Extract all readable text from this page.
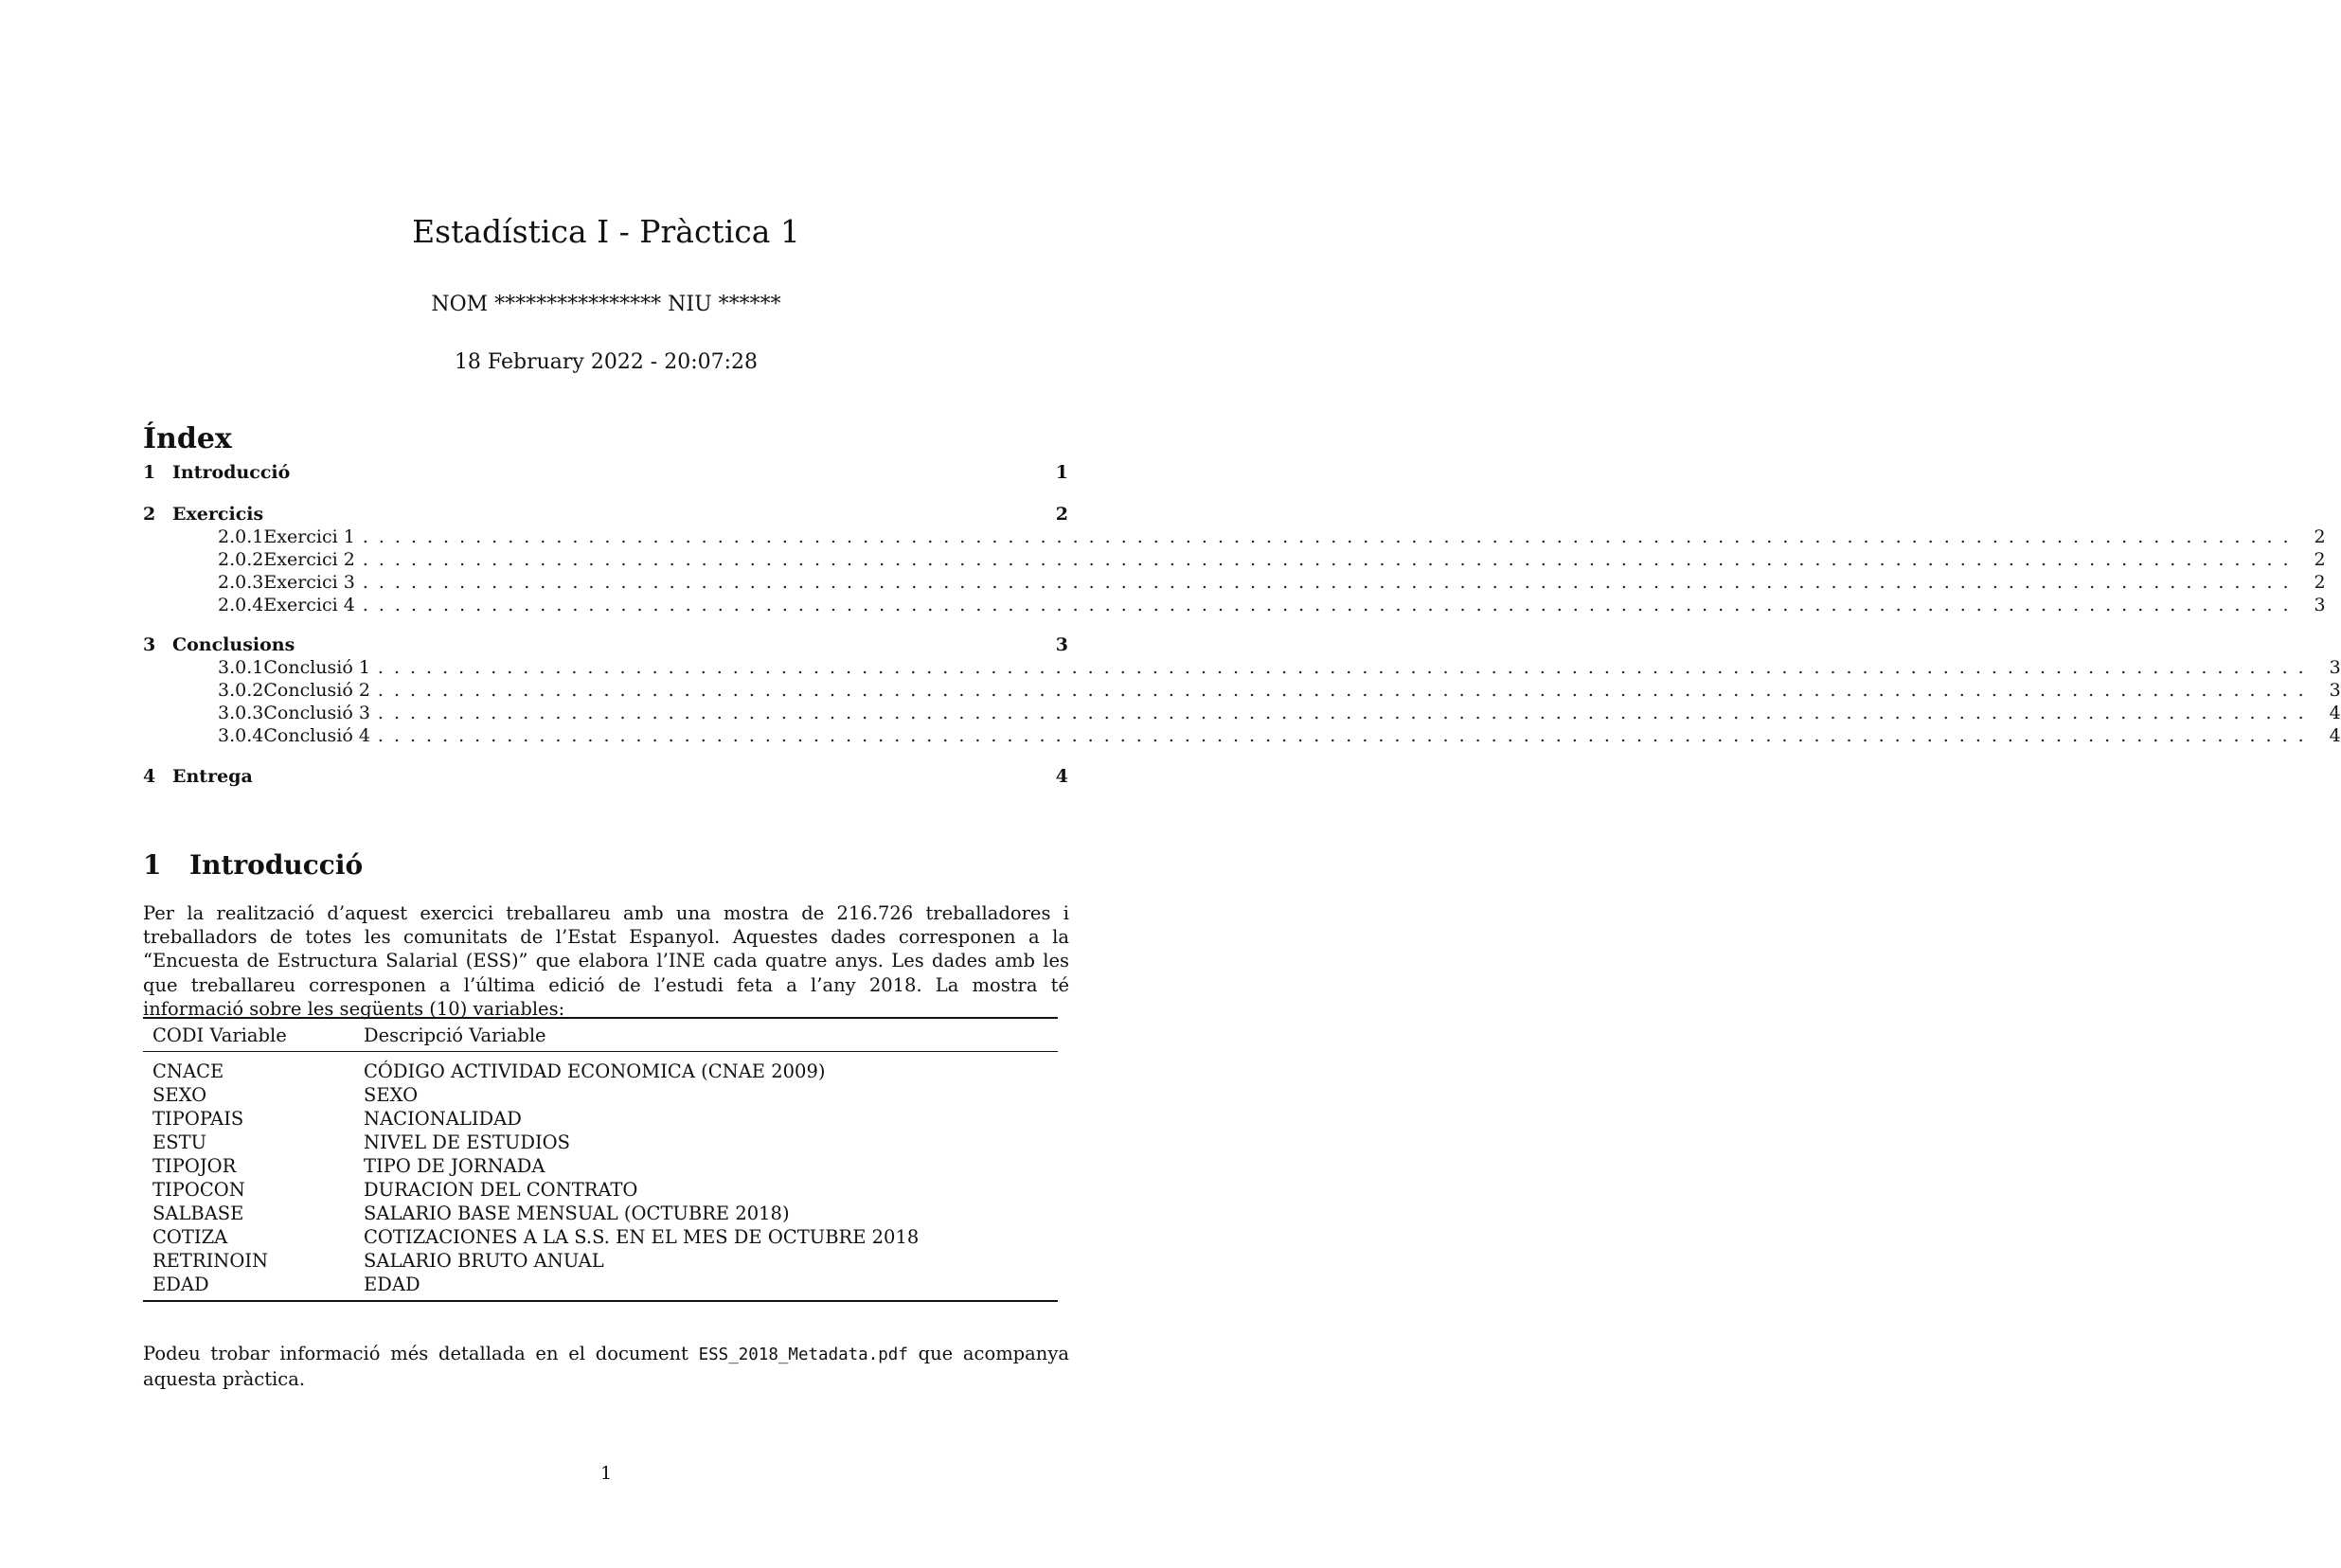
Estadística I - Pràctica 1
NOM **************** NIU ******
18 February 2022 - 20:07:28
Índex
1 Introducció	1
2 Exercicis	2
2.0.1 Exercici 1 ........................................................................................................................ 2
2.0.2 Exercici 2 ........................................................................................................................ 2
2.0.3 Exercici 3 ........................................................................................................................ 2
2.0.4 Exercici 4 ........................................................................................................................ 3
3 Conclusions	3
3.0.1 Conclusió 1 ........................................................................................................................ 3
3.0.2 Conclusió 2 ........................................................................................................................ 3
3.0.3 Conclusió 3 ........................................................................................................................ 4
3.0.4 Conclusió 4 ........................................................................................................................ 4
4 Entrega	4
1 Introducció
Per la realització d’aquest exercici treballareu amb una mostra de 216.726 treballadores i treballadors de totes les comunitats de l’Estat Espanyol. Aquestes dades corresponen a la “Encuesta de Estructura Salarial (ESS)” que elabora l’INE cada quatre anys. Les dades amb les que treballareu corresponen a l’última edició de l’estudi feta a l’any 2018. La mostra té informació sobre les següents (10) variables:
CODI Variable	Descripció Variable
CNACE	CÓDIGO ACTIVIDAD ECONOMICA (CNAE 2009)
SEXO	SEXO
TIPOPAIS	NACIONALIDAD
ESTU	NIVEL DE ESTUDIOS
TIPOJOR	TIPO DE JORNADA
TIPOCON	DURACION DEL CONTRATO
SALBASE	SALARIO BASE MENSUAL (OCTUBRE 2018)
COTIZA	COTIZACIONES A LA S.S. EN EL MES DE OCTUBRE 2018
RETRINOIN	SALARIO BRUTO ANUAL
EDAD	EDAD
Podeu trobar informació més detallada en el document ESS_2018_Metadata.pdf que acompanya aquesta pràctica.
1
